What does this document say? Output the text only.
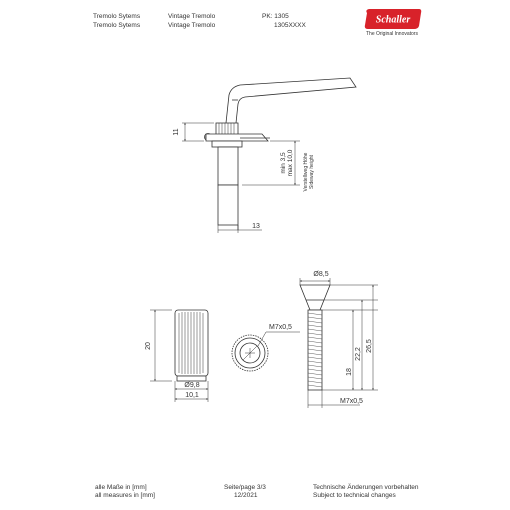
Tremolo Sytems
Tremolo Sytems
Vintage Tremolo
Vintage Tremolo
PK: 1305
1305XXXX	Schaller
The Original Innovators
11
13
min 3,5 max 10,0 Verstellweg Höhe Sideway height
20
Ø9,8
10,1
M7x0,5
Ø8,5
18
22,2
26,5
M7x0,5
alle Maße in [mm]
all measures in [mm]
Seite/page 3/3
12/2021
Technische Änderungen vorbehalten
Subject to technical changes
